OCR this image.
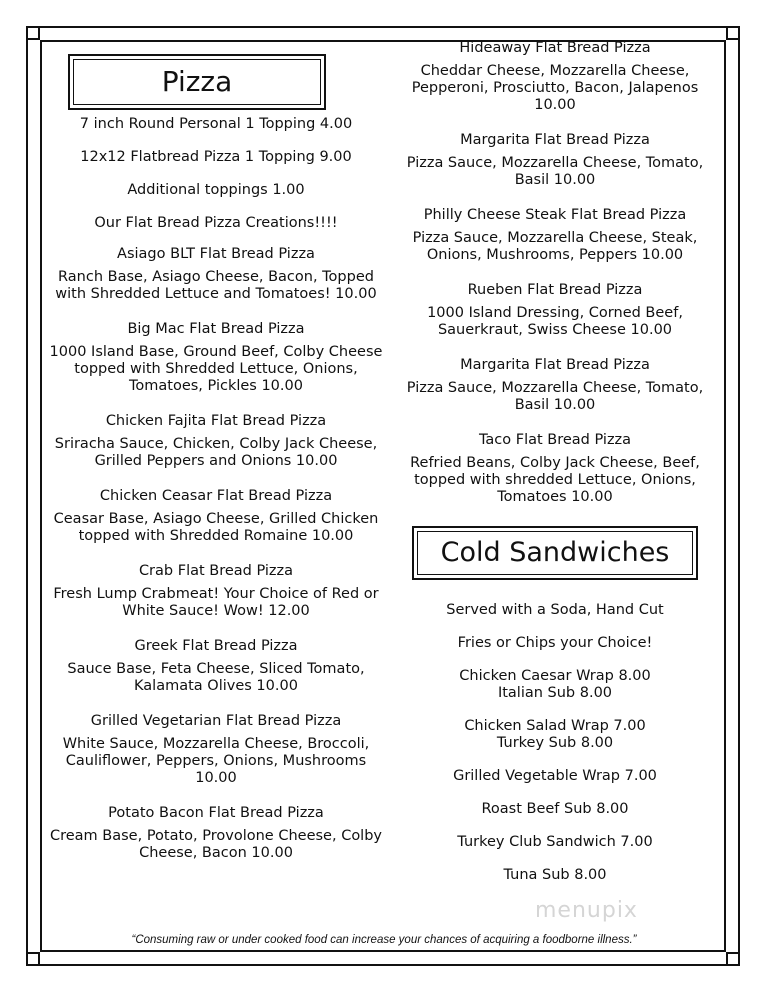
Pizza
7 inch Round Personal 1 Topping 4.00
12x12 Flatbread Pizza 1 Topping 9.00
Additional toppings 1.00
Our Flat Bread Pizza Creations!!!!
Asiago BLT Flat Bread Pizza
Ranch Base, Asiago Cheese, Bacon, Topped with Shredded Lettuce and Tomatoes! 10.00
Big Mac Flat Bread Pizza
1000 Island Base, Ground Beef, Colby Cheese topped with Shredded Lettuce, Onions, Tomatoes, Pickles 10.00
Chicken Fajita Flat Bread Pizza
Sriracha Sauce, Chicken, Colby Jack Cheese, Grilled Peppers and Onions 10.00
Chicken Ceasar Flat Bread Pizza
Ceasar Base, Asiago Cheese, Grilled Chicken topped with Shredded Romaine 10.00
Crab Flat Bread Pizza
Fresh Lump Crabmeat! Your Choice of Red or White Sauce! Wow! 12.00
Greek Flat Bread Pizza
Sauce Base, Feta Cheese, Sliced Tomato, Kalamata Olives 10.00
Grilled Vegetarian Flat Bread Pizza
White Sauce, Mozzarella Cheese, Broccoli, Cauliflower, Peppers, Onions, Mushrooms 10.00
Potato Bacon Flat Bread Pizza
Cream Base, Potato, Provolone Cheese, Colby Cheese, Bacon 10.00
Hideaway Flat Bread Pizza
Cheddar Cheese, Mozzarella Cheese, Pepperoni, Prosciutto, Bacon, Jalapenos 10.00
Margarita Flat Bread Pizza
Pizza Sauce, Mozzarella Cheese, Tomato, Basil 10.00
Philly Cheese Steak Flat Bread Pizza
Pizza Sauce, Mozzarella Cheese, Steak, Onions, Mushrooms, Peppers 10.00
Rueben Flat Bread Pizza
1000 Island Dressing, Corned Beef, Sauerkraut, Swiss Cheese 10.00
Margarita Flat Bread Pizza
Pizza Sauce, Mozzarella Cheese, Tomato, Basil 10.00
Taco Flat Bread Pizza
Refried Beans, Colby Jack Cheese, Beef, topped with shredded Lettuce, Onions, Tomatoes 10.00
Cold Sandwiches
Served with a Soda, Hand Cut
Fries or Chips your Choice!
Chicken Caesar Wrap 8.00
Italian Sub 8.00
Chicken Salad Wrap 7.00
Turkey Sub 8.00
Grilled Vegetable Wrap 7.00
Roast Beef Sub 8.00
Turkey Club Sandwich 7.00
Tuna Sub 8.00
menupix
“Consuming raw or under cooked food can increase your chances of acquiring a foodborne illness.”
